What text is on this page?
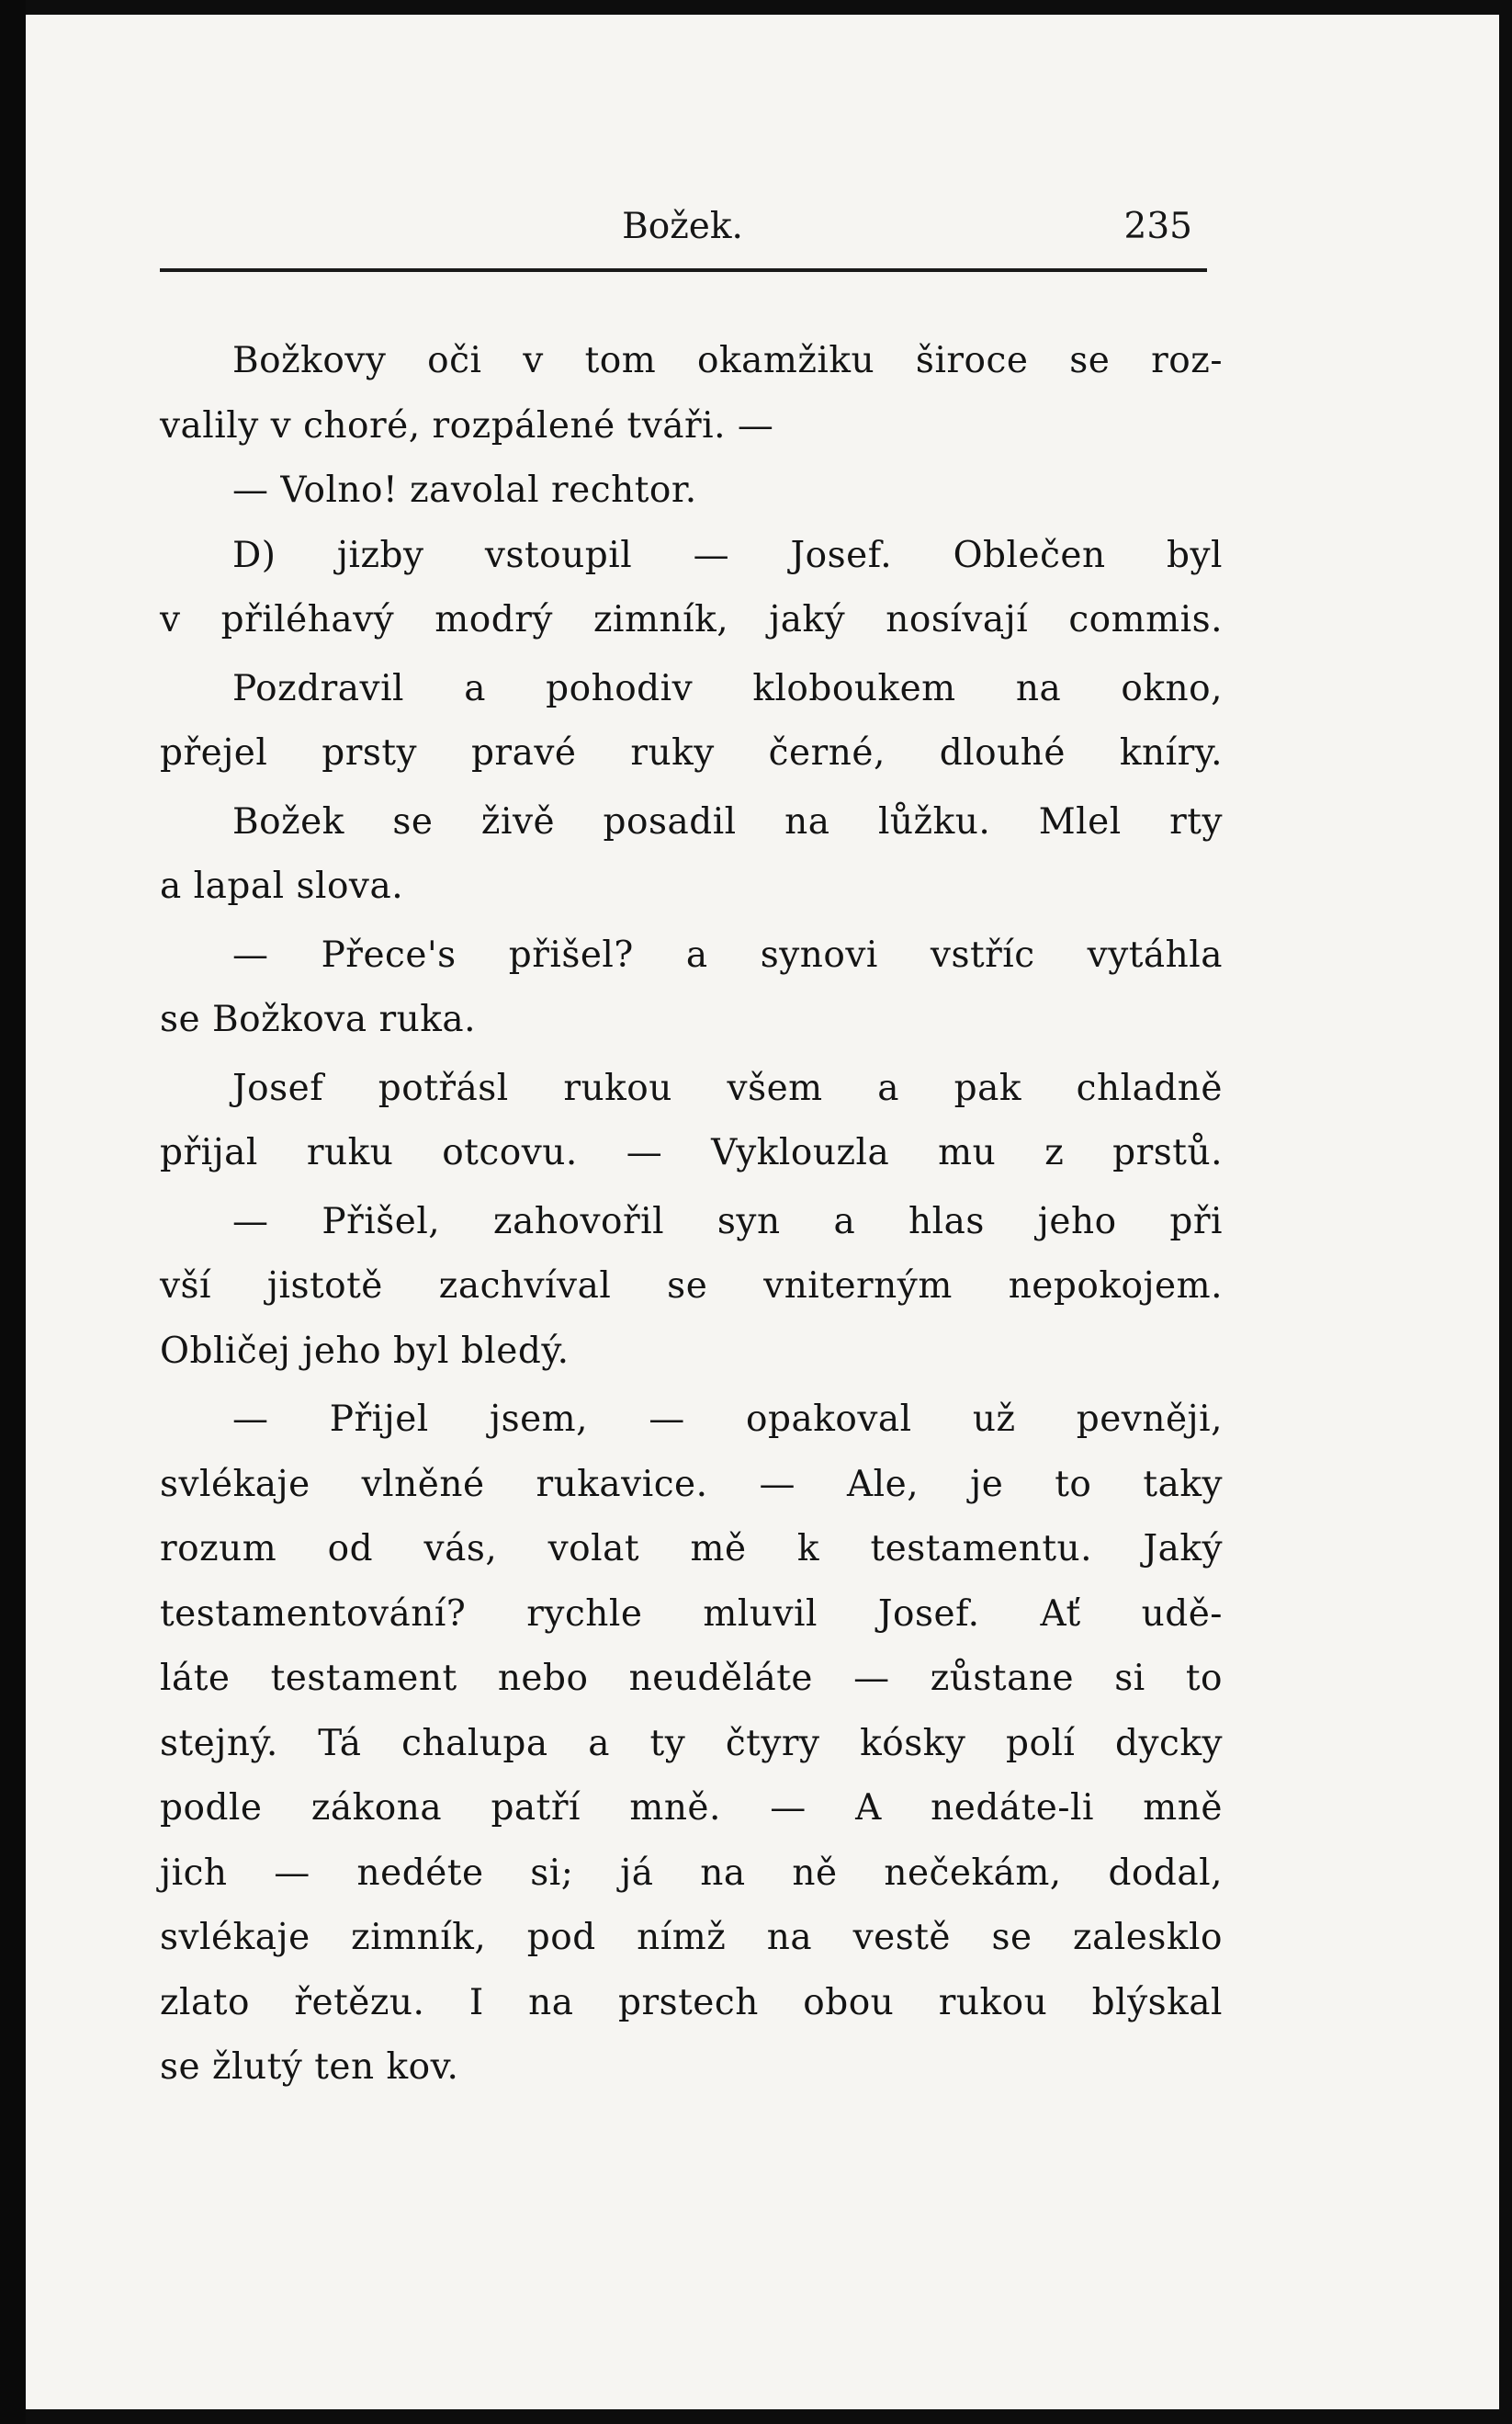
Božek.	235
Božkovy oči v tom okamžiku široce se roz-
valily v choré, rozpálené tváři. —
— Volno! zavolal rechtor.
D) jizby vstoupil — Josef. Oblečen byl
v přiléhavý modrý zimník, jaký nosívají commis.
Pozdravil a pohodiv kloboukem na okno,
přejel prsty pravé ruky černé, dlouhé kníry.
Božek se živě posadil na lůžku. Mlel rty
a lapal slova.
— Přece's přišel? a synovi vstříc vytáhla
se Božkova ruka.
Josef potřásl rukou všem a pak chladně
přijal ruku otcovu. — Vyklouzla mu z prstů.
— Přišel, zahovořil syn a hlas jeho při
vší jistotě zachvíval se vniterným nepokojem.
Obličej jeho byl bledý.
— Přijel jsem, — opakoval už pevněji,
svlékaje vlněné rukavice. — Ale, je to taky
rozum od vás, volat mě k testamentu. Jaký
testamentování? rychle mluvil Josef. Ať udě-
láte testament nebo neuděláte — zůstane si to
stejný. Tá chalupa a ty čtyry kósky polí dycky
podle zákona patří mně. — A nedáte-li mně
jich — nedéte si; já na ně nečekám, dodal,
svlékaje zimník, pod nímž na vestě se zalesklo
zlato řetězu. I na prstech obou rukou blýskal
se žlutý ten kov.
